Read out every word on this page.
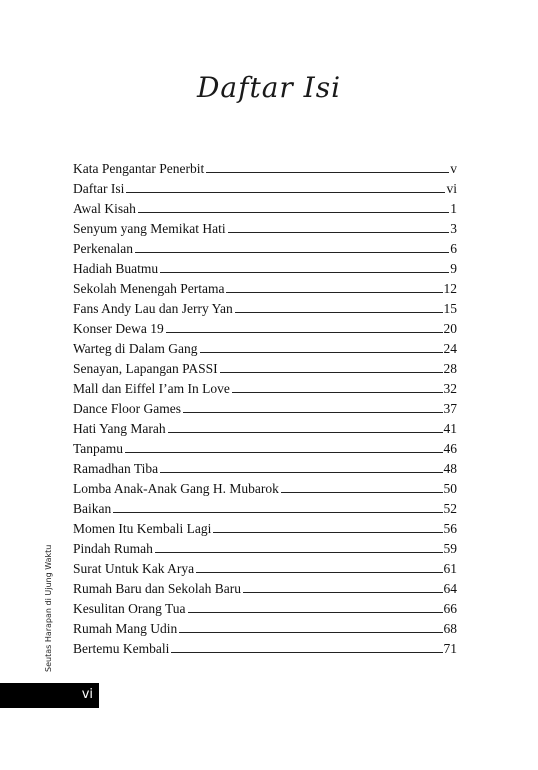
Daftar Isi
Kata Pengantar Penerbit	v
Daftar Isi	vi
Awal Kisah	1
Senyum yang Memikat Hati	3
Perkenalan	6
Hadiah Buatmu	9
Sekolah Menengah Pertama	12
Fans Andy Lau dan Jerry Yan	15
Konser Dewa 19	20
Warteg di Dalam Gang	24
Senayan, Lapangan PASSI	28
Mall dan Eiffel I’am In Love	32
Dance Floor Games	37
Hati Yang Marah	41
Tanpamu	46
Ramadhan Tiba	48
Lomba Anak-Anak Gang H. Mubarok	50
Baikan	52
Momen Itu Kembali Lagi	56
Pindah Rumah	59
Surat Untuk Kak Arya	61
Rumah Baru dan Sekolah Baru	64
Kesulitan Orang Tua	66
Rumah Mang Udin	68
Bertemu Kembali	71
Seutas Harapan di Ujung Waktu
vi
